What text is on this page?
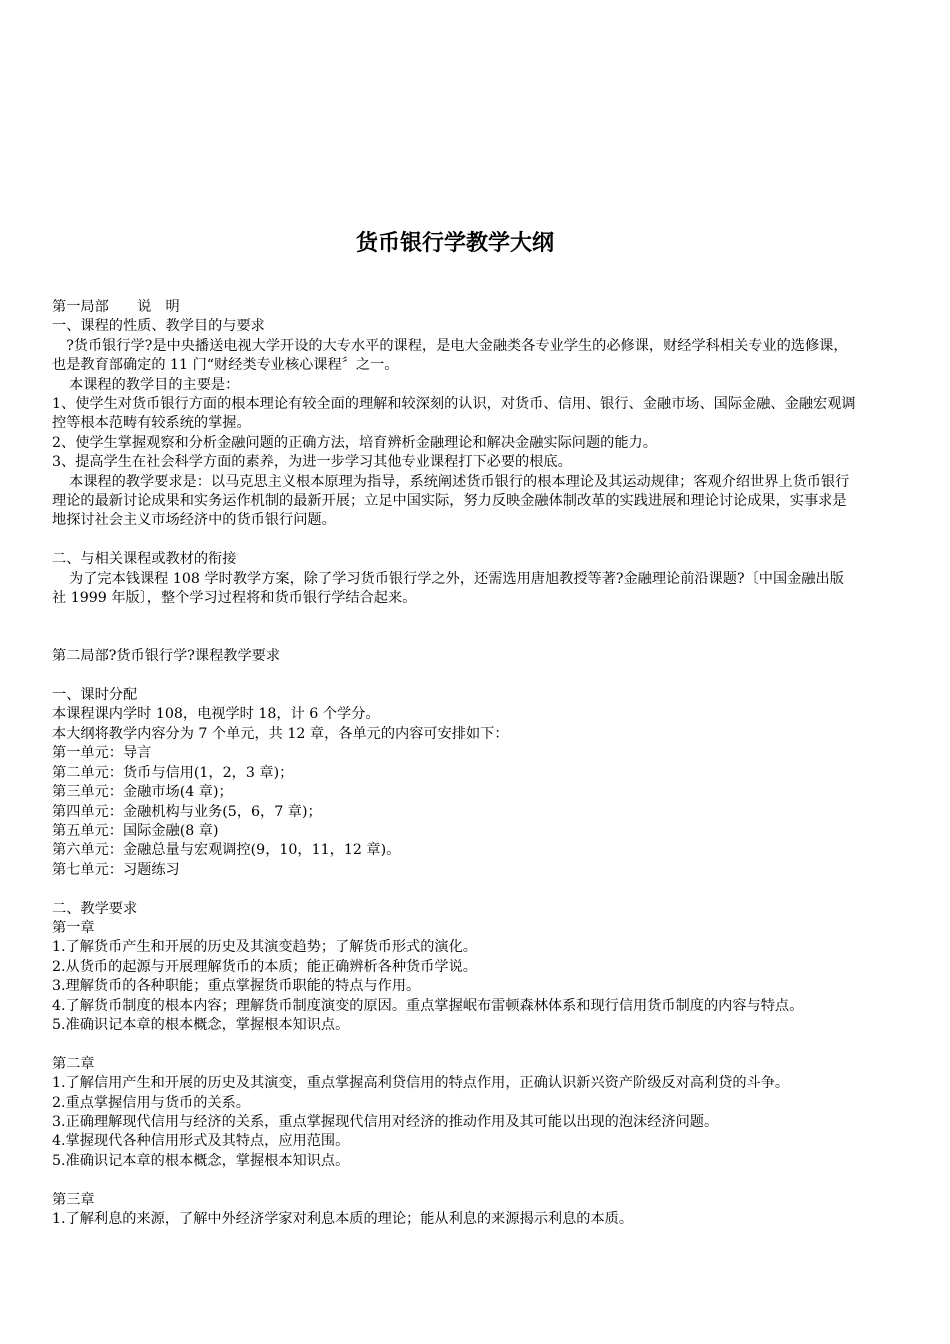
货币银行学教学大纲

第一局部　　说　明

一、课程的性质、教学目的与要求

?货币银行学?是中央播送电视大学开设的大专水平的课程，是电大金融类各专业学生的必修课，财经学科相关专业的选修课，也是教育部确定的 11 门“财经类专业核心课程〞之一。

本课程的教学目的主要是：

1、使学生对货币银行方面的根本理论有较全面的理解和较深刻的认识，对货币、信用、银行、金融市场、国际金融、金融宏观调控等根本范畴有较系统的掌握。

2、使学生掌握观察和分析金融问题的正确方法，培育辨析金融理论和解决金融实际问题的能力。

3、提高学生在社会科学方面的素养，为进一步学习其他专业课程打下必要的根底。

本课程的教学要求是：以马克思主义根本原理为指导，系统阐述货币银行的根本理论及其运动规律；客观介绍世界上货币银行理论的最新讨论成果和实务运作机制的最新开展；立足中国实际，努力反映金融体制改革的实践进展和理论讨论成果，实事求是地探讨社会主义市场经济中的货币银行问题。

二、与相关课程或教材的衔接

为了完本钱课程 108 学时教学方案，除了学习货币银行学之外，还需选用唐旭教授等著?金融理论前沿课题?〔中国金融出版社 1999 年版〕，整个学习过程将和货币银行学结合起来。

第二局部?货币银行学?课程教学要求

一、课时分配

本课程课内学时 108，电视学时 18，计 6 个学分。

本大纲将教学内容分为 7 个单元，共 12 章，各单元的内容可安排如下：

第一单元：导言

第二单元：货币与信用(1，2，3 章)；

第三单元：金融市场(4 章)；

第四单元：金融机构与业务(5，6，7 章)；

第五单元：国际金融(8 章)

第六单元：金融总量与宏观调控(9，10，11，12 章)。

第七单元：习题练习

二、教学要求

第一章

1.了解货币产生和开展的历史及其演变趋势；了解货币形式的演化。

2.从货币的起源与开展理解货币的本质；能正确辨析各种货币学说。

3.理解货币的各种职能；重点掌握货币职能的特点与作用。

4.了解货币制度的根本内容；理解货币制度演变的原因。重点掌握岷布雷顿森林体系和现行信用货币制度的内容与特点。

5.准确识记本章的根本概念，掌握根本知识点。

第二章

1.了解信用产生和开展的历史及其演变，重点掌握高利贷信用的特点作用，正确认识新兴资产阶级反对高利贷的斗争。

2.重点掌握信用与货币的关系。

3.正确理解现代信用与经济的关系，重点掌握现代信用对经济的推动作用及其可能以出现的泡沫经济问题。

4.掌握现代各种信用形式及其特点，应用范围。

5.准确识记本章的根本概念，掌握根本知识点。

第三章

1.了解利息的来源，了解中外经济学家对利息本质的理论；能从利息的来源揭示利息的本质。
